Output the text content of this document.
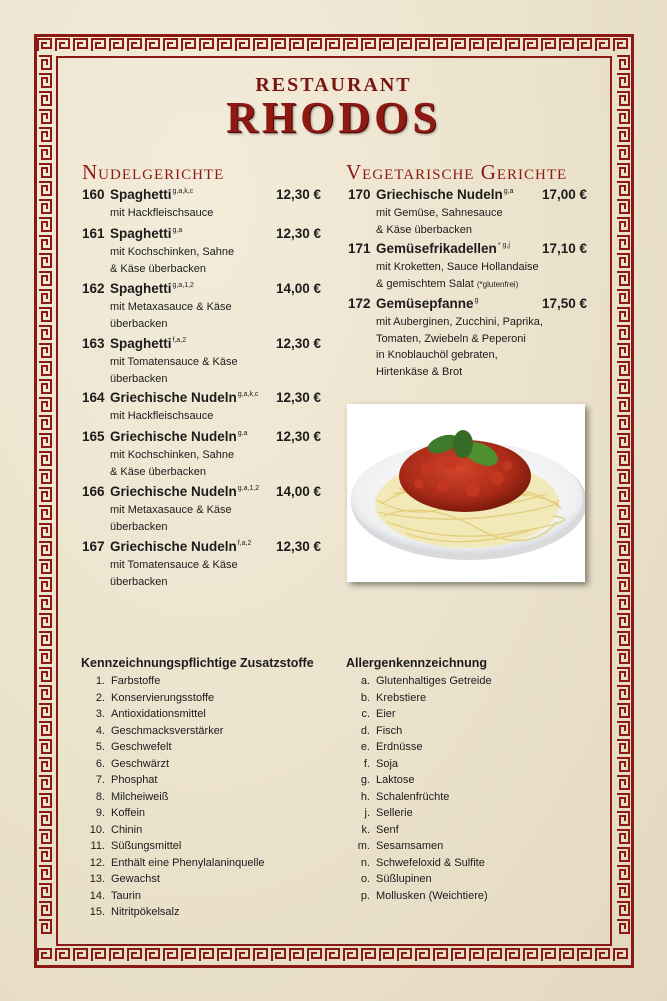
RESTAURANT
RHODOS
Nudelgerichte
160 Spaghetti$^{g,a,k,c}$	12,30 €
mit Hackfleischsauce
161 Spaghetti$^{g,a}$	12,30 €
mit Kochschinken, Sahne
& Käse überbacken
162 Spaghetti$^{g,a,1,2}$	14,00 €
mit Metaxasauce & Käse
überbacken
163 Spaghetti$^{f,a,2}$	12,30 €
mit Tomatensauce & Käse
überbacken
164 Griechische Nudeln$^{g,a,k,c}$ 12,30 €
mit Hackfleischsauce
165 Griechische Nudeln$^{g,a}$ 12,30 €
mit Kochschinken, Sahne
& Käse überbacken
166 Griechische Nudeln$^{g,a,1,2}$ 14,00 €
mit Metaxasauce & Käse
überbacken
167 Griechische Nudeln$^{f,a,2}$ 12,30 €
mit Tomatensauce & Käse
überbacken
Vegetarische Gerichte
170 Griechische Nudeln$^{g,a}$ 17,00 €
mit Gemüse, Sahnesauce
& Käse überbacken
171 Gemüsefrikadellen$^{* g,j}$ 17,10 €
mit Kroketten, Sauce Hollandaise
& gemischtem Salat (*glutenfrei)
172 Gemüsepfanne$^g$	17,50 €
mit Auberginen, Zucchini, Paprika,
Tomaten, Zwiebeln & Peperoni
in Knoblauchöl gebraten,
Hirtenkäse & Brot
Kennzeichnungspflichtige Zusatzstoffe
1. Farbstoffe
2. Konservierungsstoffe
3. Antioxidationsmittel
4. Geschmacksverstärker
5. Geschwefelt
6. Geschwärzt
7. Phosphat
8. Milcheiweiß
9. Koffein
10. Chinin
11. Süßungsmittel
12. Enthält eine Phenylalaninquelle
13. Gewachst
14. Taurin
15. Nitritpökelsalz
Allergenkennzeichnung
a. Glutenhaltiges Getreide
b. Krebstiere
c. Eier
d. Fisch
e. Erdnüsse
f. Soja
g. Laktose
h. Schalenfrüchte
j. Sellerie
k. Senf
m. Sesamsamen
n. Schwefeloxid & Sulfite
o. Süßlupinen
p. Mollusken (Weichtiere)
